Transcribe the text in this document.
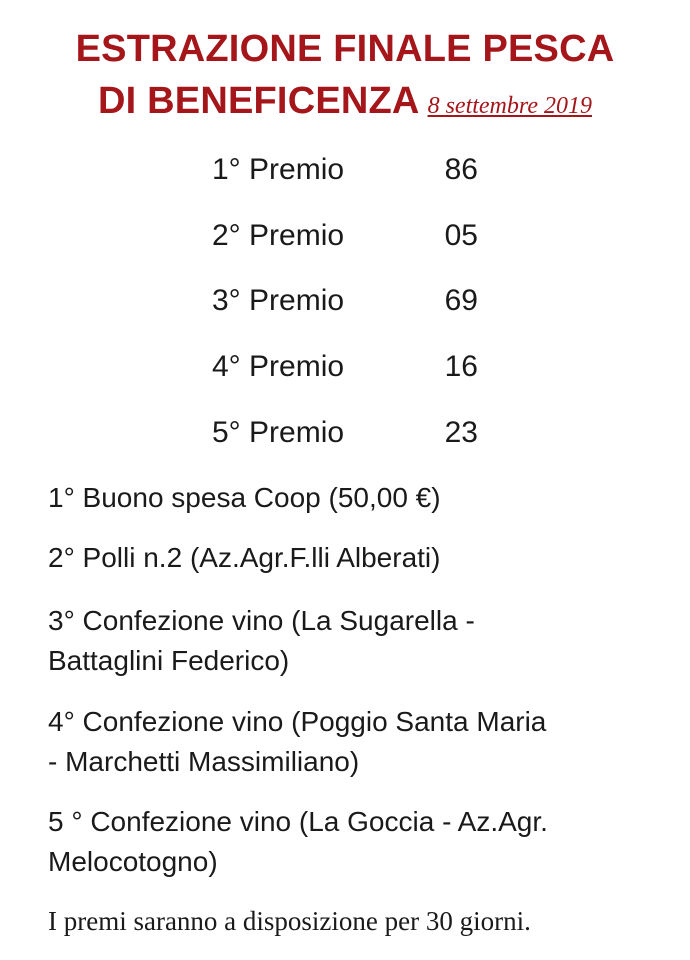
ESTRAZIONE FINALE PESCA
DI BENEFICENZA 8 settembre 2019
1° Premio	86
2° Premio	05
3° Premio	69
4° Premio	16
5° Premio	23
1° Buono spesa Coop (50,00 €)
2° Polli n.2 (Az.Agr.F.lli Alberati)
3° Confezione vino (La Sugarella -
Battaglini Federico)
4° Confezione vino (Poggio Santa Maria
- Marchetti Massimiliano)
5 ° Confezione vino (La Goccia - Az.Agr.
Melocotogno)
I premi saranno a disposizione per 30 giorni.
